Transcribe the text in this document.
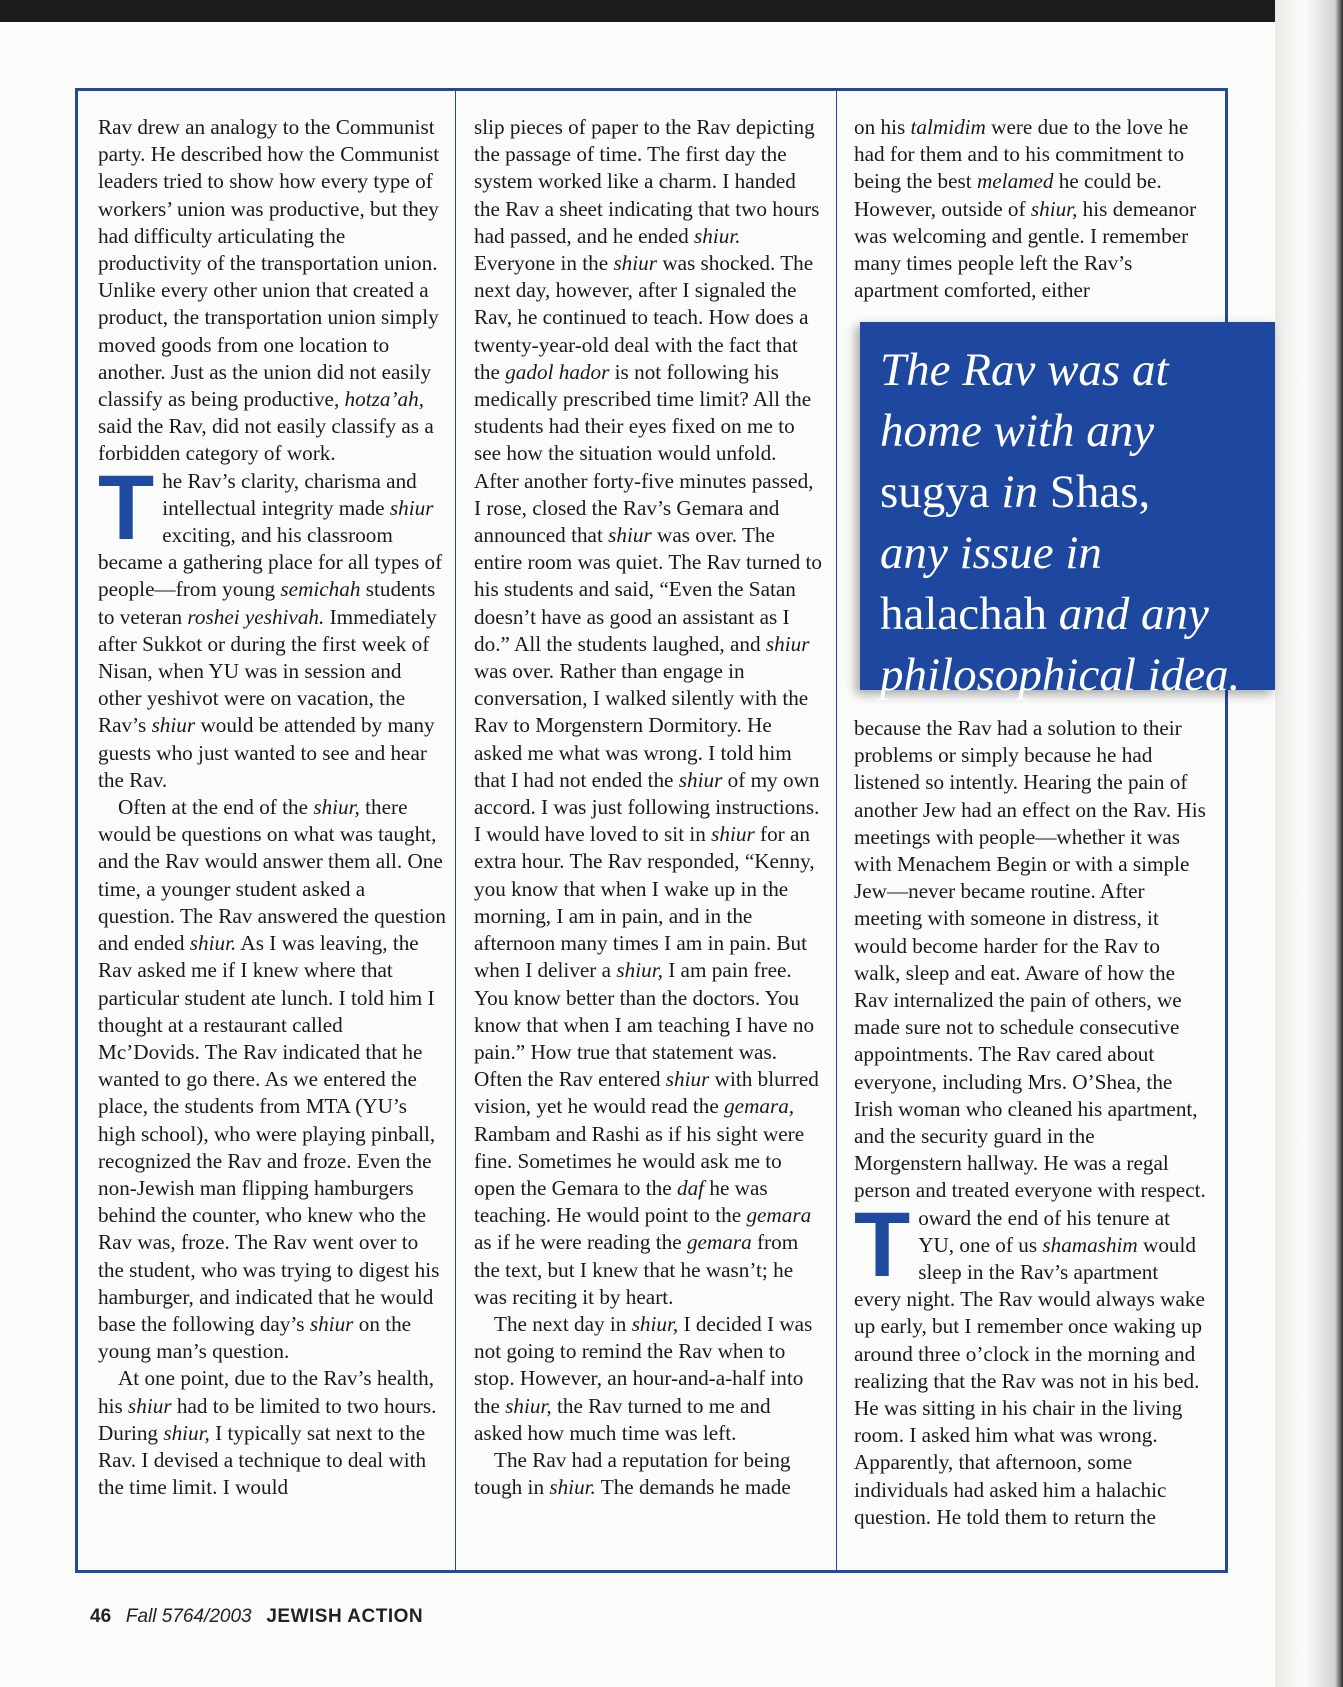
Rav drew an analogy to the Communist party. He described how the Communist leaders tried to show how every type of workers’ union was productive, but they had difficulty articulating the productivity of the transportation union. Unlike every other union that created a product, the transportation union simply moved goods from one location to another. Just as the union did not easily classify as being productive, hotza’ah, said the Rav, did not easily classify as a forbidden category of work.

The Rav’s clarity, charisma and intellectual integrity made shiur exciting, and his classroom became a gathering place for all types of people—from young semichah students to veteran roshei yeshivah. Immediately after Sukkot or during the first week of Nisan, when YU was in session and other yeshivot were on vacation, the Rav’s shiur would be attended by many guests who just wanted to see and hear the Rav.

Often at the end of the shiur, there would be questions on what was taught, and the Rav would answer them all. One time, a younger student asked a question. The Rav answered the question and ended shiur. As I was leaving, the Rav asked me if I knew where that particular student ate lunch. I told him I thought at a restaurant called Mc’Dovids. The Rav indicated that he wanted to go there. As we entered the place, the students from MTA (YU’s high school), who were playing pinball, recognized the Rav and froze. Even the non-Jewish man flipping hamburgers behind the counter, who knew who the Rav was, froze. The Rav went over to the student, who was trying to digest his hamburger, and indicated that he would base the following day’s shiur on the young man’s question.

At one point, due to the Rav’s health, his shiur had to be limited to two hours. During shiur, I typically sat next to the Rav. I devised a technique to deal with the time limit. I would

slip pieces of paper to the Rav depicting the passage of time. The first day the system worked like a charm. I handed the Rav a sheet indicating that two hours had passed, and he ended shiur. Everyone in the shiur was shocked. The next day, however, after I signaled the Rav, he continued to teach. How does a twenty-year-old deal with the fact that the gadol hador is not following his medically prescribed time limit? All the students had their eyes fixed on me to see how the situation would unfold. After another forty-five minutes passed, I rose, closed the Rav’s Gemara and announced that shiur was over. The entire room was quiet. The Rav turned to his students and said, “Even the Satan doesn’t have as good an assistant as I do.” All the students laughed, and shiur was over. Rather than engage in conversation, I walked silently with the Rav to Morgenstern Dormitory. He asked me what was wrong. I told him that I had not ended the shiur of my own accord. I was just following instructions. I would have loved to sit in shiur for an extra hour. The Rav responded, “Kenny, you know that when I wake up in the morning, I am in pain, and in the afternoon many times I am in pain. But when I deliver a shiur, I am pain free. You know better than the doctors. You know that when I am teaching I have no pain.” How true that statement was. Often the Rav entered shiur with blurred vision, yet he would read the gemara, Rambam and Rashi as if his sight were fine. Sometimes he would ask me to open the Gemara to the daf he was teaching. He would point to the gemara as if he were reading the gemara from the text, but I knew that he wasn’t; he was reciting it by heart.

The next day in shiur, I decided I was not going to remind the Rav when to stop. However, an hour-and-a-half into the shiur, the Rav turned to me and asked how much time was left.

The Rav had a reputation for being tough in shiur. The demands he made

on his talmidim were due to the love he had for them and to his commitment to being the best melamed he could be. However, outside of shiur, his demeanor was welcoming and gentle. I remember many times people left the Rav’s apartment comforted, either

The Rav was at
home with any
sugya in Shas,
any issue in
halachah and any
philosophical idea.

because the Rav had a solution to their problems or simply because he had listened so intently. Hearing the pain of another Jew had an effect on the Rav. His meetings with people—whether it was with Menachem Begin or with a simple Jew—never became routine. After meeting with someone in distress, it would become harder for the Rav to walk, sleep and eat. Aware of how the Rav internalized the pain of others, we made sure not to schedule consecutive appointments. The Rav cared about everyone, including Mrs. O’Shea, the Irish woman who cleaned his apartment, and the security guard in the Morgenstern hallway. He was a regal person and treated everyone with respect.

Toward the end of his tenure at YU, one of us shamashim would sleep in the Rav’s apartment every night. The Rav would always wake up early, but I remember once waking up around three o’clock in the morning and realizing that the Rav was not in his bed. He was sitting in his chair in the living room. I asked him what was wrong. Apparently, that afternoon, some individuals had asked him a halachic question. He told them to return the

46 Fall 5764/2003 JEWISH ACTION
